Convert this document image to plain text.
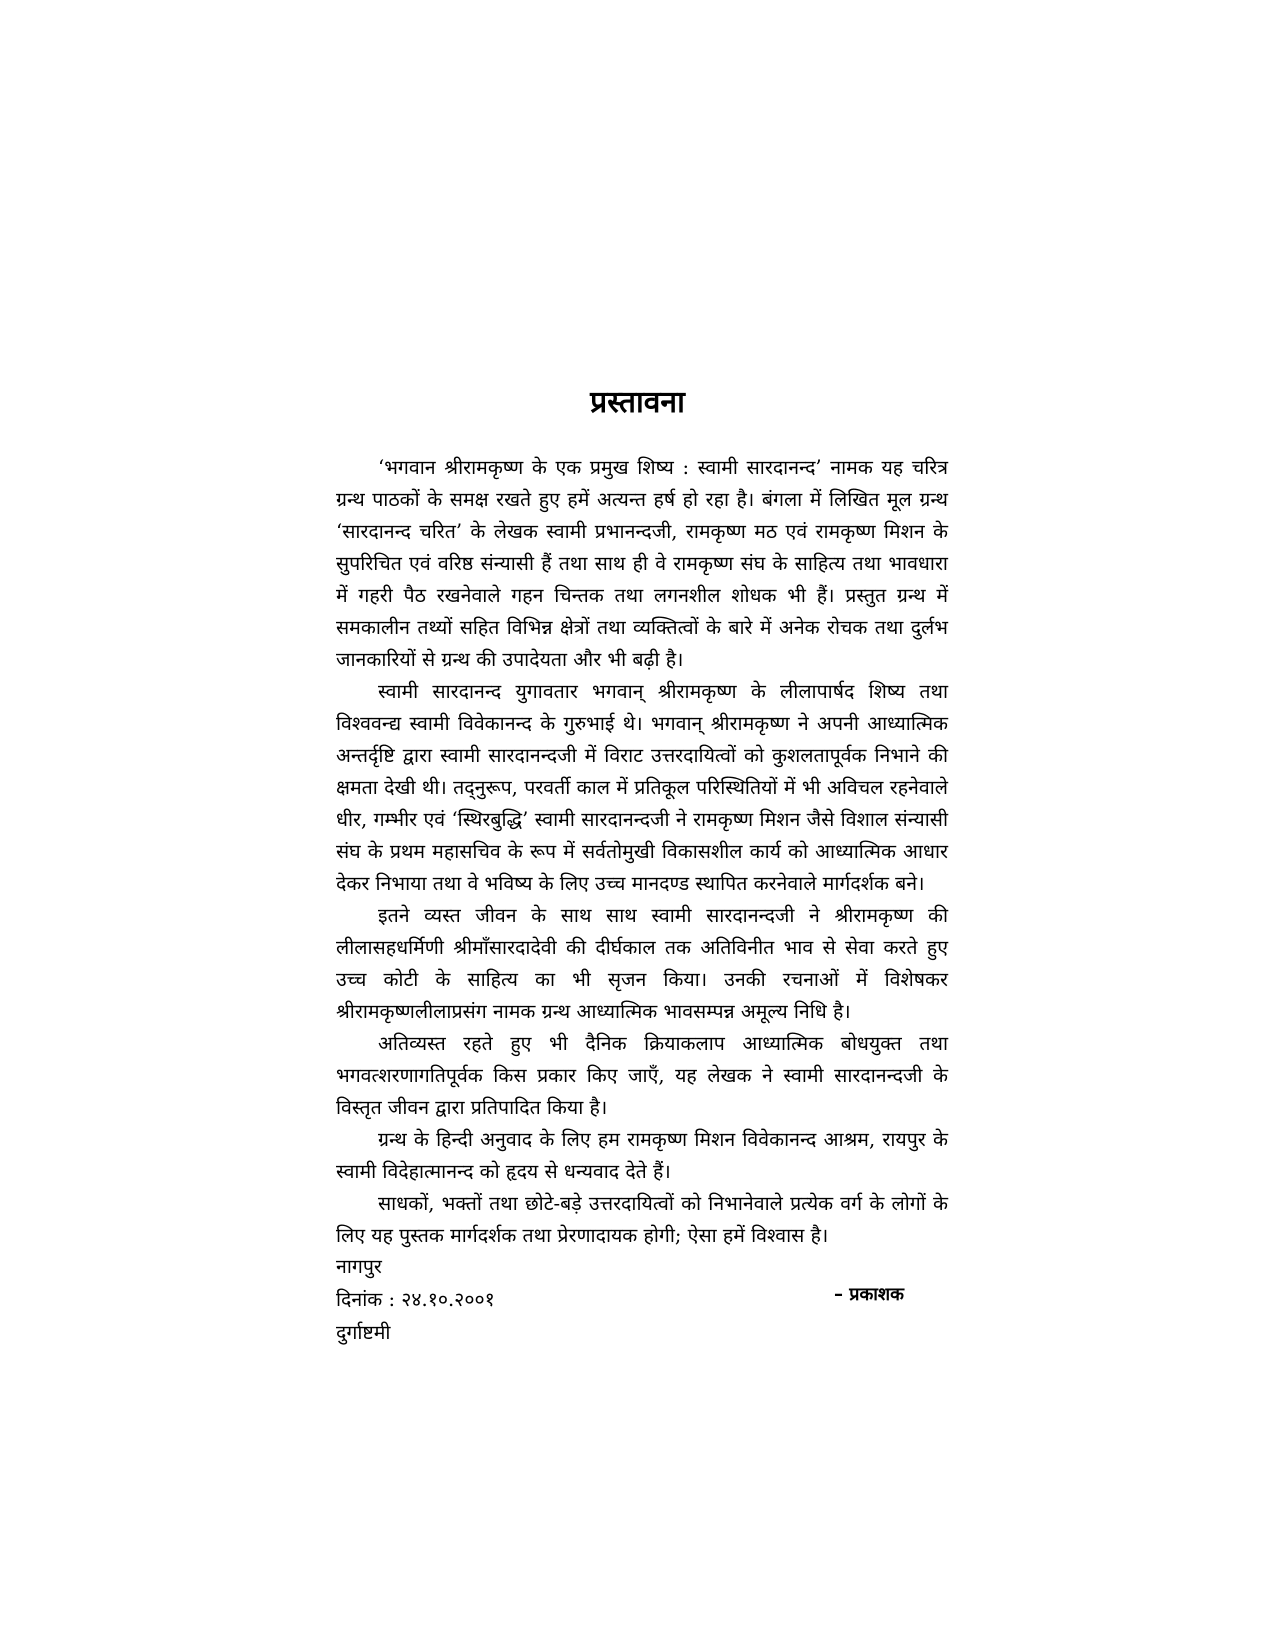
प्रस्तावना

‘भगवान श्रीरामकृष्ण के एक प्रमुख शिष्य : स्वामी सारदानन्द’ नामक यह चरित्र ग्रन्थ पाठकों के समक्ष रखते हुए हमें अत्यन्त हर्ष हो रहा है। बंगला में लिखित मूल ग्रन्थ ‘सारदानन्द चरित’ के लेखक स्वामी प्रभानन्दजी, रामकृष्ण मठ एवं रामकृष्ण मिशन के सुपरिचित एवं वरिष्ठ संन्यासी हैं तथा साथ ही वे रामकृष्ण संघ के साहित्य तथा भावधारा में गहरी पैठ रखनेवाले गहन चिन्तक तथा लगनशील शोधक भी हैं। प्रस्तुत ग्रन्थ में समकालीन तथ्यों सहित विभिन्न क्षेत्रों तथा व्यक्तित्वों के बारे में अनेक रोचक तथा दुर्लभ जानकारियों से ग्रन्थ की उपादेयता और भी बढ़ी है।

स्वामी सारदानन्द युगावतार भगवान् श्रीरामकृष्ण के लीलापार्षद शिष्य तथा विश्ववन्द्य स्वामी विवेकानन्द के गुरुभाई थे। भगवान् श्रीरामकृष्ण ने अपनी आध्यात्मिक अन्तर्दृष्टि द्वारा स्वामी सारदानन्दजी में विराट उत्तरदायित्वों को कुशलतापूर्वक निभाने की क्षमता देखी थी। तद्नुरूप, परवर्ती काल में प्रतिकूल परिस्थितियों में भी अविचल रहनेवाले धीर, गम्भीर एवं ‘स्थिरबुद्धि’ स्वामी सारदानन्दजी ने रामकृष्ण मिशन जैसे विशाल संन्यासी संघ के प्रथम महासचिव के रूप में सर्वतोमुखी विकासशील कार्य को आध्यात्मिक आधार देकर निभाया तथा वे भविष्य के लिए उच्च मानदण्ड स्थापित करनेवाले मार्गदर्शक बने।

इतने व्यस्त जीवन के साथ साथ स्वामी सारदानन्दजी ने श्रीरामकृष्ण की लीलासहधर्मिणी श्रीमाँसारदादेवी की दीर्घकाल तक अतिविनीत भाव से सेवा करते हुए उच्च कोटी के साहित्य का भी सृजन किया। उनकी रचनाओं में विशेषकर श्रीरामकृष्णलीलाप्रसंग नामक ग्रन्थ आध्यात्मिक भावसम्पन्न अमूल्य निधि है।

अतिव्यस्त रहते हुए भी दैनिक क्रियाकलाप आध्यात्मिक बोधयुक्त तथा भगवत्शरणागतिपूर्वक किस प्रकार किए जाएँ, यह लेखक ने स्वामी सारदानन्दजी के विस्तृत जीवन द्वारा प्रतिपादित किया है।

ग्रन्थ के हिन्दी अनुवाद के लिए हम रामकृष्ण मिशन विवेकानन्द आश्रम, रायपुर के स्वामी विदेहात्मानन्द को हृदय से धन्यवाद देते हैं।

साधकों, भक्तों तथा छोटे-बड़े उत्तरदायित्वों को निभानेवाले प्रत्येक वर्ग के लोगों के लिए यह पुस्तक मार्गदर्शक तथा प्रेरणादायक होगी; ऐसा हमें विश्वास है।

नागपुर
दिनांक : २४.१०.२००१
दुर्गाष्टमी
– प्रकाशक
